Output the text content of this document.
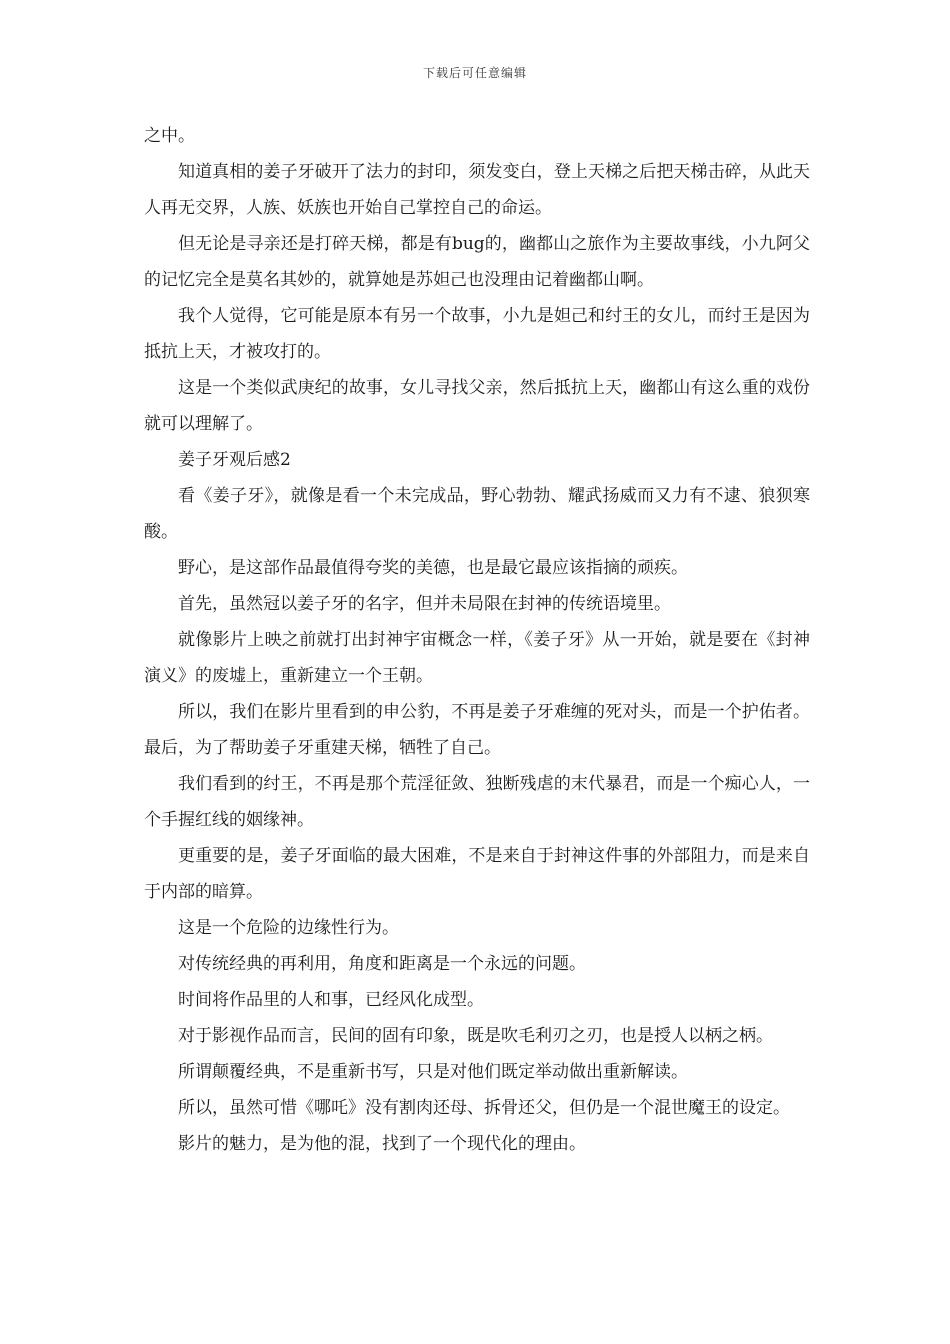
下载后可任意编辑

之中。

知道真相的姜子牙破开了法力的封印，须发变白，登上天梯之后把天梯击碎，从此天人再无交界，人族、妖族也开始自己掌控自己的命运。

但无论是寻亲还是打碎天梯，都是有bug的，幽都山之旅作为主要故事线，小九阿父的记忆完全是莫名其妙的，就算她是苏妲己也没理由记着幽都山啊。

我个人觉得，它可能是原本有另一个故事，小九是妲己和纣王的女儿，而纣王是因为抵抗上天，才被攻打的。

这是一个类似武庚纪的故事，女儿寻找父亲，然后抵抗上天，幽都山有这么重的戏份就可以理解了。

姜子牙观后感2

看《姜子牙》，就像是看一个未完成品，野心勃勃、耀武扬威而又力有不逮、狼狈寒酸。

野心，是这部作品最值得夸奖的美德，也是最它最应该指摘的顽疾。

首先，虽然冠以姜子牙的名字，但并未局限在封神的传统语境里。

就像影片上映之前就打出封神宇宙概念一样，《姜子牙》从一开始，就是要在《封神演义》的废墟上，重新建立一个王朝。

所以，我们在影片里看到的申公豹，不再是姜子牙难缠的死对头，而是一个护佑者。最后，为了帮助姜子牙重建天梯，牺牲了自己。

我们看到的纣王，不再是那个荒淫征敛、独断残虐的末代暴君，而是一个痴心人，一个手握红线的姻缘神。

更重要的是，姜子牙面临的最大困难，不是来自于封神这件事的外部阻力，而是来自于内部的暗算。

这是一个危险的边缘性行为。

对传统经典的再利用，角度和距离是一个永远的问题。

时间将作品里的人和事，已经风化成型。

对于影视作品而言，民间的固有印象，既是吹毛利刃之刃，也是授人以柄之柄。

所谓颠覆经典，不是重新书写，只是对他们既定举动做出重新解读。

所以，虽然可惜《哪吒》没有割肉还母、拆骨还父，但仍是一个混世魔王的设定。

影片的魅力，是为他的混，找到了一个现代化的理由。
